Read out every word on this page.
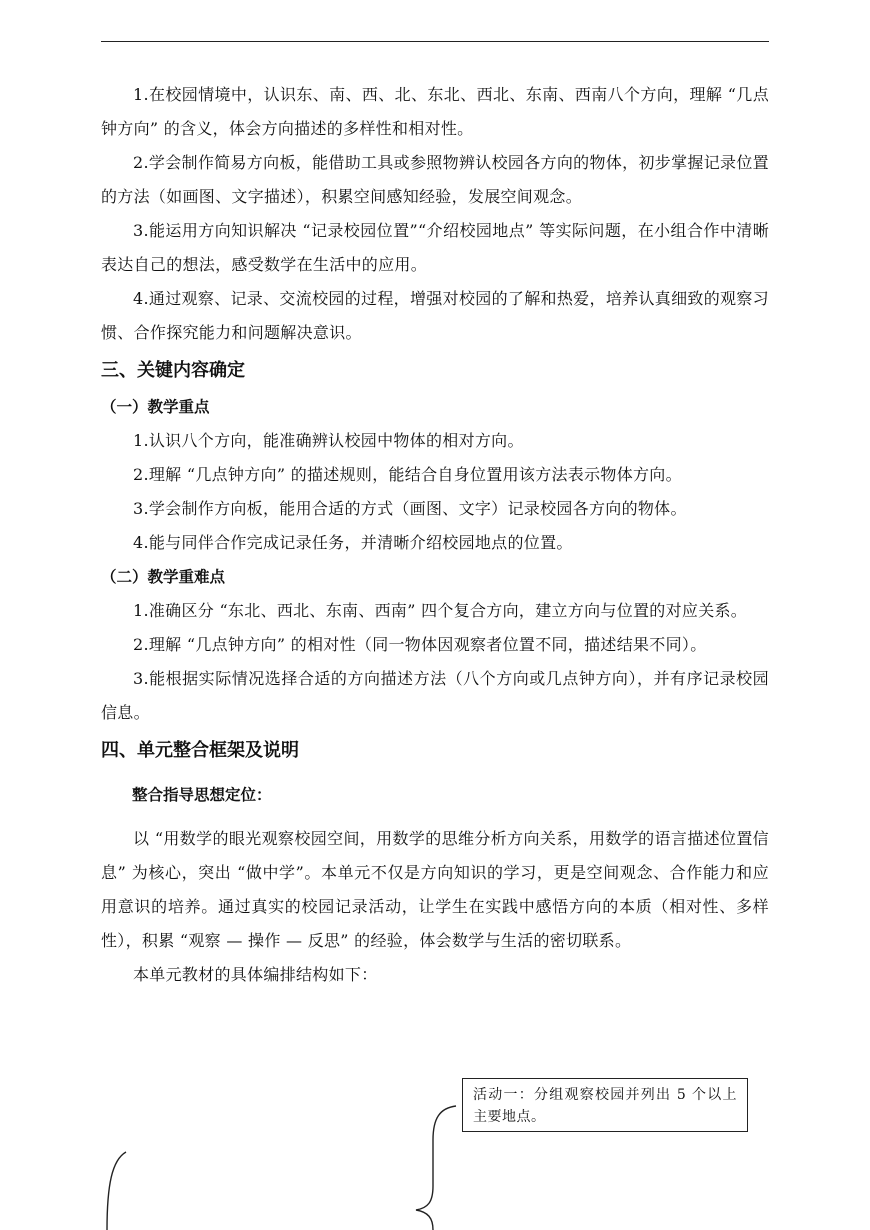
1.在校园情境中，认识东、南、西、北、东北、西北、东南、西南八个方向，理解 “几点钟方向” 的含义，体会方向描述的多样性和相对性。

2.学会制作简易方向板，能借助工具或参照物辨认校园各方向的物体，初步掌握记录位置的方法（如画图、文字描述），积累空间感知经验，发展空间观念。

3.能运用方向知识解决 “记录校园位置”“介绍校园地点” 等实际问题，在小组合作中清晰表达自己的想法，感受数学在生活中的应用。

4.通过观察、记录、交流校园的过程，增强对校园的了解和热爱，培养认真细致的观察习惯、合作探究能力和问题解决意识。

三、关键内容确定
（一）教学重点

1.认识八个方向，能准确辨认校园中物体的相对方向。

2.理解 “几点钟方向” 的描述规则，能结合自身位置用该方法表示物体方向。

3.学会制作方向板，能用合适的方式（画图、文字）记录校园各方向的物体。

4.能与同伴合作完成记录任务，并清晰介绍校园地点的位置。

（二）教学重难点

1.准确区分 “东北、西北、东南、西南” 四个复合方向，建立方向与位置的对应关系。

2.理解 “几点钟方向” 的相对性（同一物体因观察者位置不同，描述结果不同）。

3.能根据实际情况选择合适的方向描述方法（八个方向或几点钟方向），并有序记录校园信息。

四、单元整合框架及说明
整合指导思想定位：

以 “用数学的眼光观察校园空间，用数学的思维分析方向关系，用数学的语言描述位置信息” 为核心，突出 “做中学”。本单元不仅是方向知识的学习，更是空间观念、合作能力和应用意识的培养。通过真实的校园记录活动，让学生在实践中感悟方向的本质（相对性、多样性），积累 “观察 — 操作 — 反思” 的经验，体会数学与生活的密切联系。

本单元教材的具体编排结构如下：

活动一：分组观察校园并列出 5 个以上主要地点。
